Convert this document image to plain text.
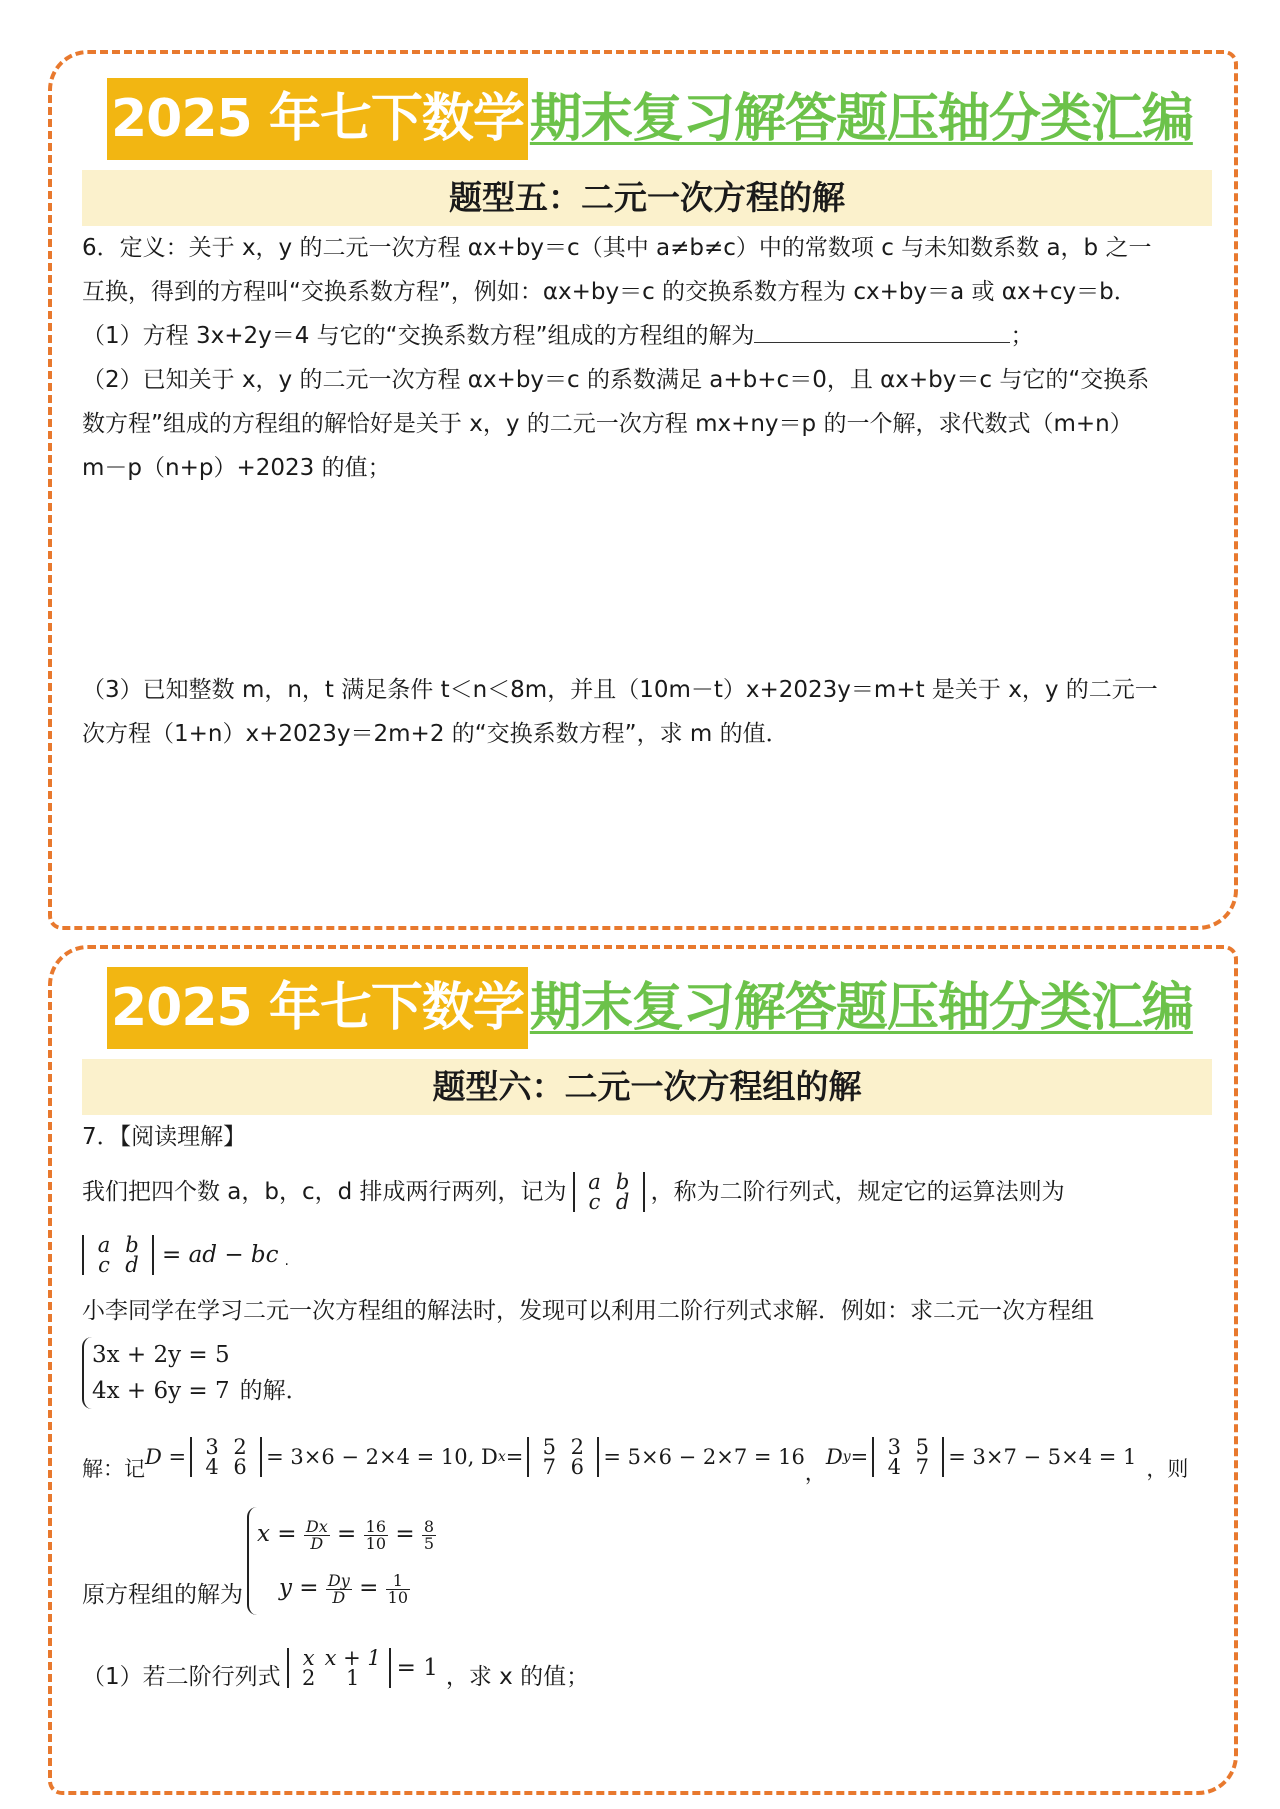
2025 年七下数学 期末复习解答题压轴分类汇编
题型五：二元一次方程的解

6．定义：关于 x，y 的二元一次方程 αx+by＝c（其中 a≠b≠c）中的常数项 c 与未知数系数 a，b 之一

互换，得到的方程叫“交换系数方程”，例如：αx+by＝c 的交换系数方程为 cx+by＝a 或 αx+cy＝b．

（1）方程 3x+2y＝4 与它的“交换系数方程”组成的方程组的解为	；

（2）已知关于 x，y 的二元一次方程 αx+by＝c 的系数满足 a+b+c＝0，且 αx+by＝c 与它的“交换系

数方程”组成的方程组的解恰好是关于 x，y 的二元一次方程 mx+ny＝p 的一个解，求代数式（m+n）

m－p（n+p）+2023 的值；

（3）已知整数 m，n，t 满足条件 t＜n＜8m，并且（10m－t）x+2023y＝m+t 是关于 x，y 的二元一

次方程（1+n）x+2023y＝2m+2 的“交换系数方程”，求 m 的值．

2025 年七下数学 期末复习解答题压轴分类汇编
题型六：二元一次方程组的解

7．【阅读理解】

我们把四个数 a，b，c，d 排成两行两列，记为	a b
c d ，称为二阶行列式，规定它的运算法则为
a b
c d	= ad − bc .

小李同学在学习二元一次方程组的解法时，发现可以利用二阶行列式求解．例如：求二元一次方程组

3x + 2y = 5
4x + 6y = 7 的解．
解：记 D = 3 2
4 6 = 3×6 − 2×4 = 10, D x = 5 2
7 6 = 5×6 − 2×7 = 16
，
D y = 3 5
4 7 = 3×7 − 5×4 = 1 ，则
原方程组的解为
$x = \frac{Dx}{D} = \frac{16}{10} = \frac{8}{5}$
$y = \frac{Dy}{D} = \frac{1}{10}$
（1）若二阶行列式
x x + 1
2 1	= 1 ，求 x 的值；
